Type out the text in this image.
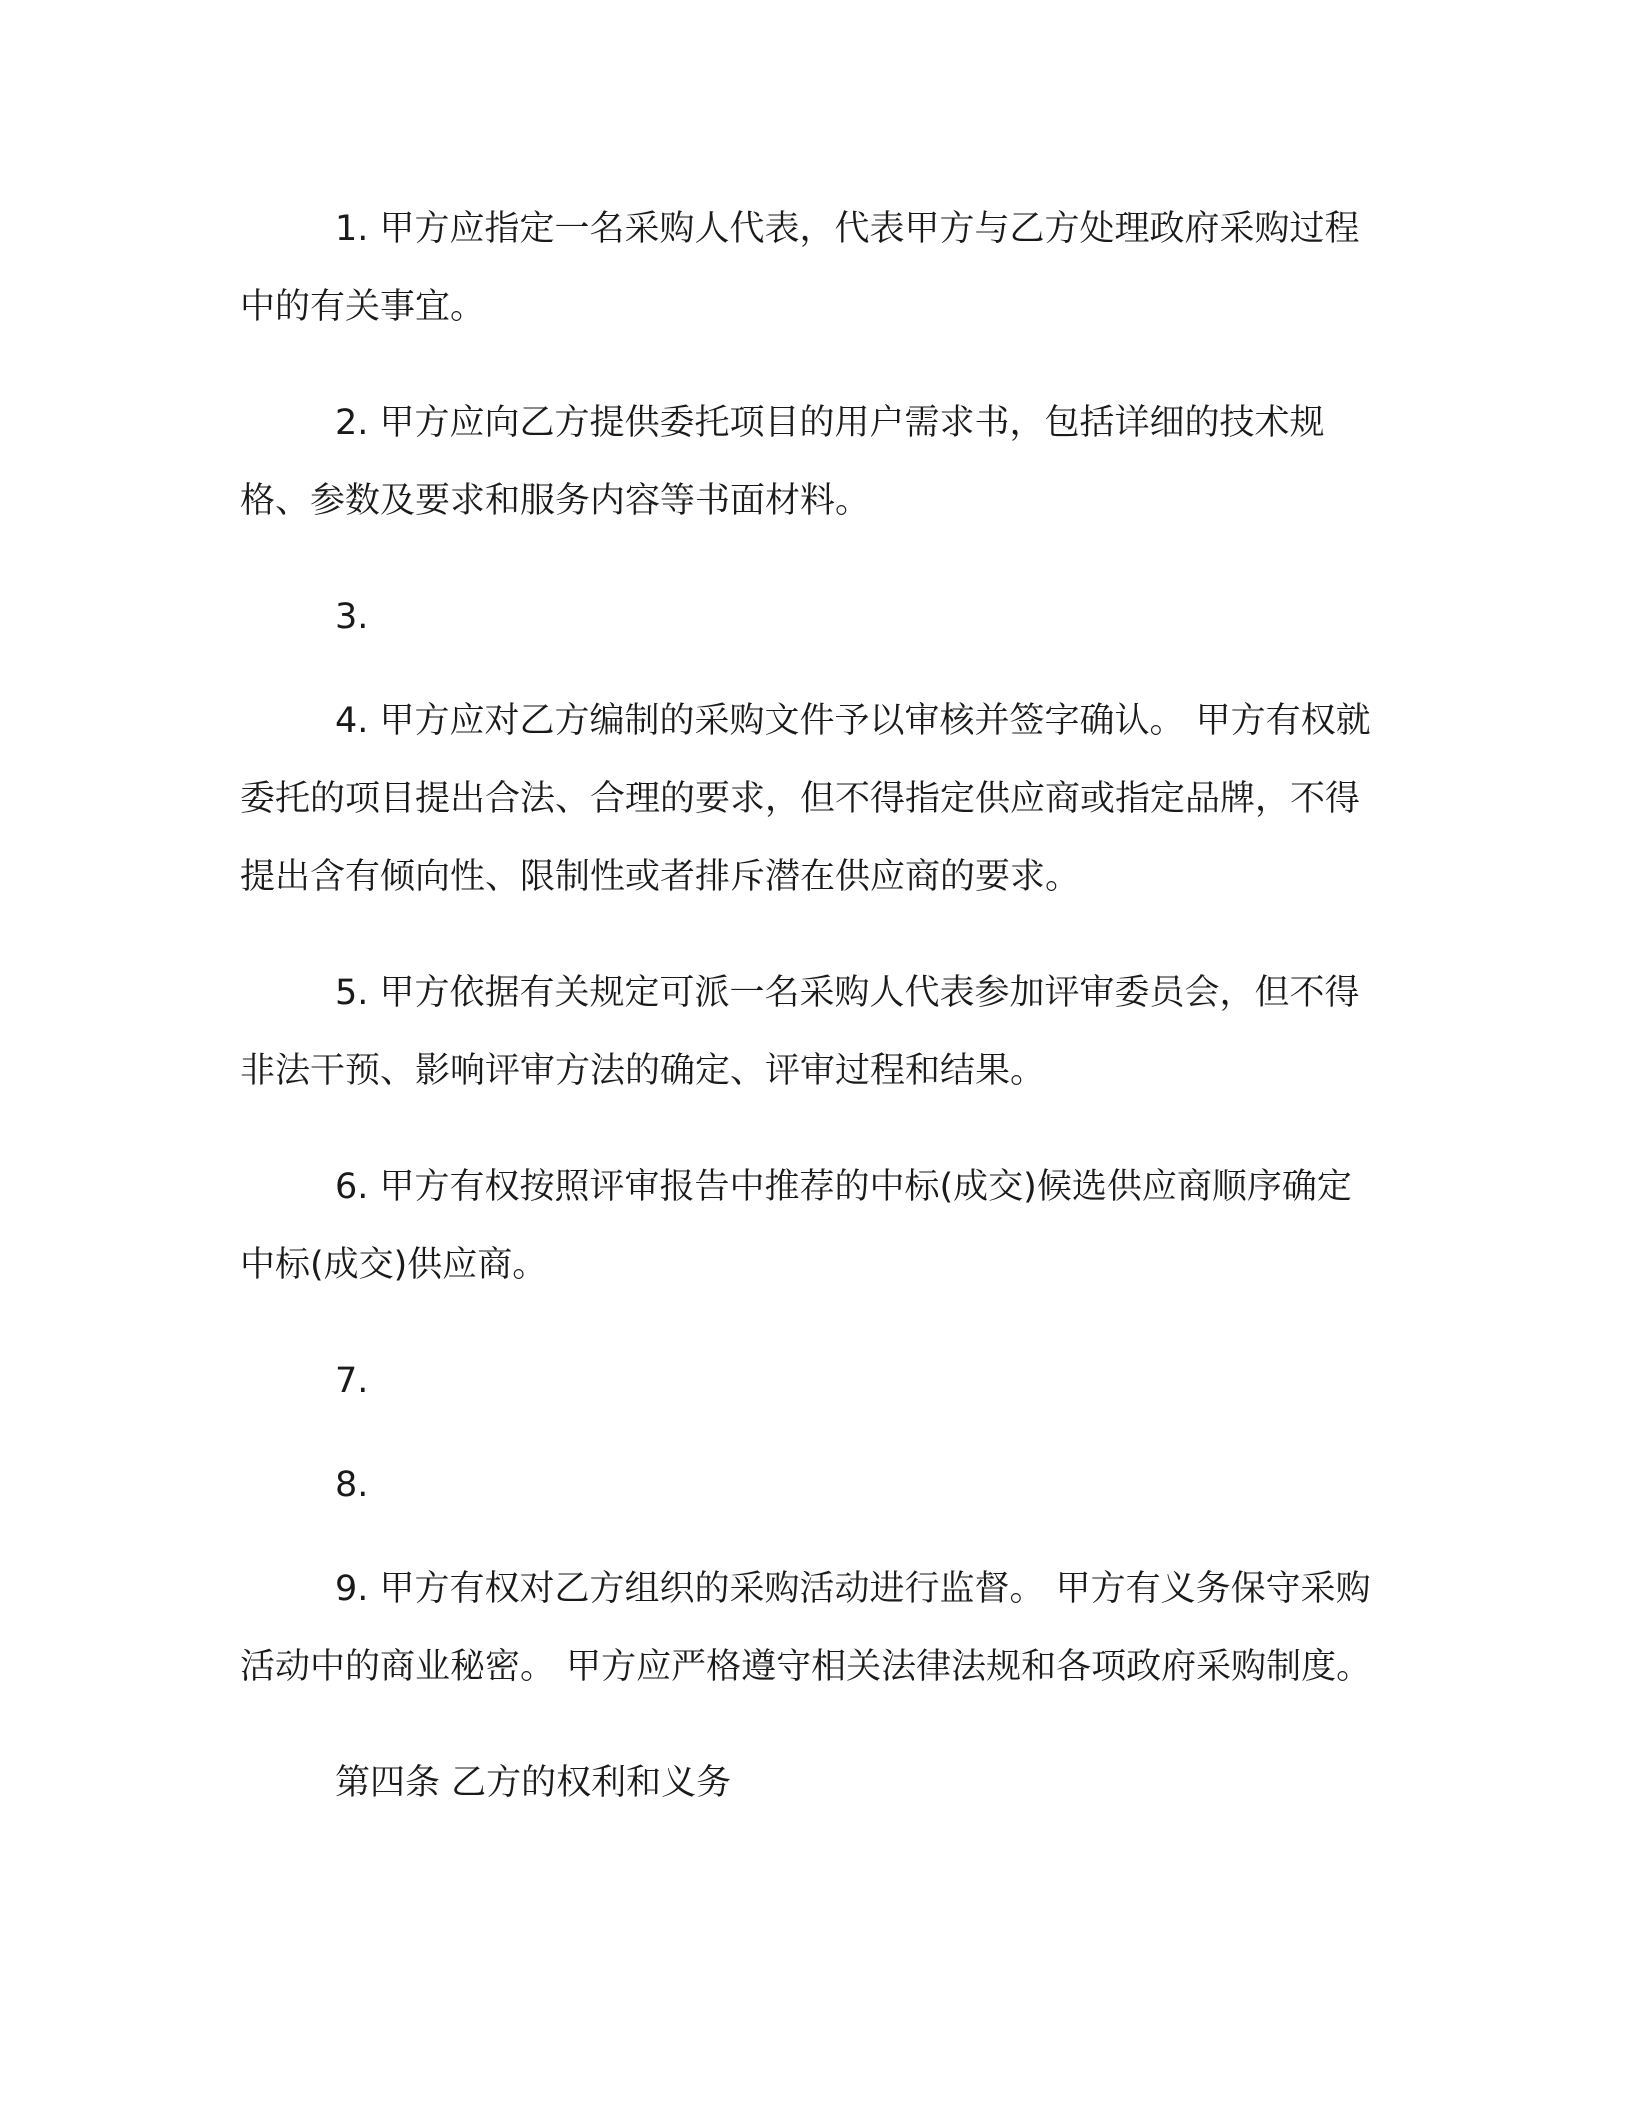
1. 甲方应指定一名采购人代表，代表甲方与乙方处理政府采购过程中的有关事宜。

2. 甲方应向乙方提供委托项目的用户需求书，包括详细的技术规格、参数及要求和服务内容等书面材料。

3.

4. 甲方应对乙方编制的采购文件予以审核并签字确认。 甲方有权就委托的项目提出合法、合理的要求，但不得指定供应商或指定品牌，不得提出含有倾向性、限制性或者排斥潜在供应商的要求。

5. 甲方依据有关规定可派一名采购人代表参加评审委员会，但不得非法干预、影响评审方法的确定、评审过程和结果。

6. 甲方有权按照评审报告中推荐的中标(成交)候选供应商顺序确定中标(成交)供应商。

7.

8.

9. 甲方有权对乙方组织的采购活动进行监督。 甲方有义务保守采购活动中的商业秘密。 甲方应严格遵守相关法律法规和各项政府采购制度。

第四条 乙方的权利和义务
